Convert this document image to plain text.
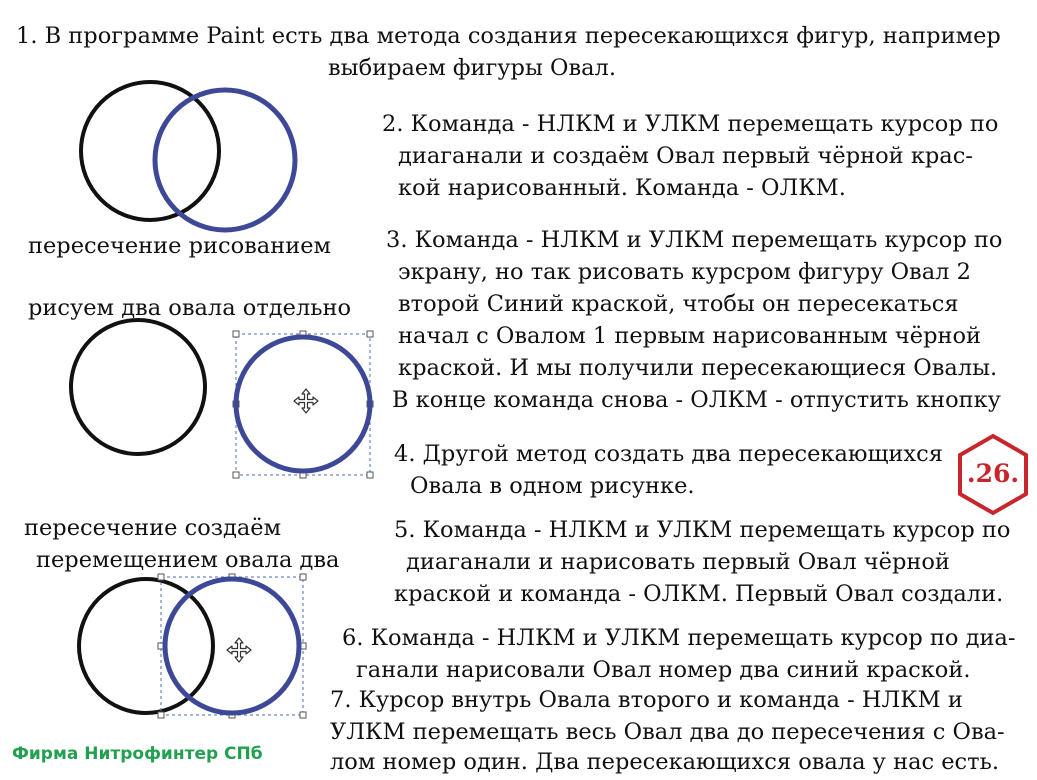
1. В программе Paint есть два метода создания пересекающихся фигур, например
выбираем фигуры Овал.
2. Команда - НЛКМ и УЛКМ перемещать курсор по
диаганали и создаём Овал первый чёрной крас-
кой нарисованный. Команда - ОЛКМ.
3. Команда - НЛКМ и УЛКМ перемещать курсор по
экрану, но так рисовать курсром фигуру Овал 2
второй Синий краской, чтобы он пересекаться
начал с Овалом 1 первым нарисованным чёрной
краской. И мы получили пересекающиеся Овалы.
В конце команда снова - ОЛКМ - отпустить кнопку
4. Другой метод создать два пересекающихся
Овала в одном рисунке.
5. Команда - НЛКМ и УЛКМ перемещать курсор по
диаганали и нарисовать первый Овал чёрной
краской и команда - ОЛКМ. Первый Овал создали.
6. Команда - НЛКМ и УЛКМ перемещать курсор по диа-
ганали нарисовали Овал номер два синий краской.
7. Курсор внутрь Овала второго и команда - НЛКМ и
УЛКМ перемещать весь Овал два до пересечения с Ова-
лом номер один. Два пересекающихся овала у нас есть.
пересечение рисованием
рисуем два овала отдельно
пересечение создаём
перемещением овала два
.26.
Фирма Нитрофинтер СПб
